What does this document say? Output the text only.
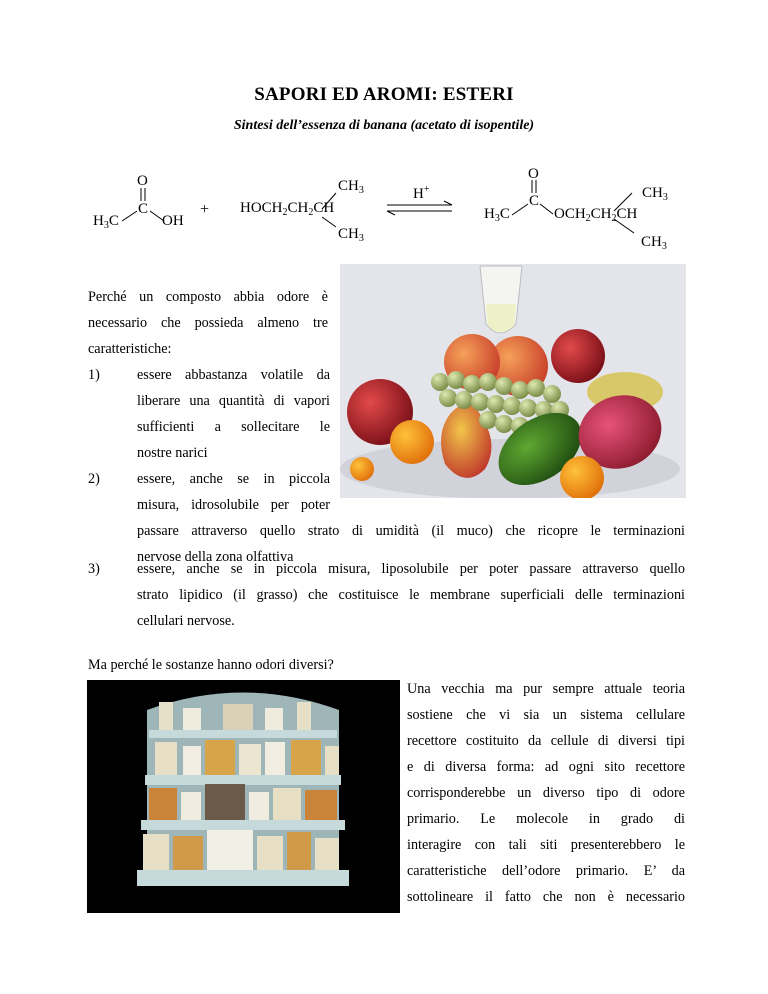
SAPORI ED AROMI: ESTERI
Sintesi dell’essenza di banana (acetato di isopentile)
O
C
$H_3C$	OH
+ $HOCH_2CH_2CH$
$CH_3$
$CH_3$
H+
O
C
$H_3C$	$OCH_2CH_2CH$
$CH_3$
$CH_3$
Perché un composto abbia odore è
necessario che possieda almeno tre
caratteristiche:
1)	essere abbastanza volatile da
liberare una quantità di vapori
sufficienti a sollecitare le
nostre narici
2)	essere, anche se in piccola
misura, idrosolubile per poter
passare attraverso quello strato di umidità (il muco) che ricopre le terminazioni
nervose della zona olfattiva
3)	essere, anche se in piccola misura, liposolubile per poter passare attraverso quello
strato lipidico (il grasso) che costituisce le membrane superficiali delle terminazioni
cellulari nervose.
Ma perché le sostanze hanno odori diversi?
Una vecchia ma pur sempre attuale teoria
sostiene che vi sia un sistema cellulare
recettore costituito da cellule di diversi tipi
e di diversa forma: ad ogni sito recettore
corrisponderebbe un diverso tipo di odore
primario. Le molecole in grado di
interagire con tali siti presenterebbero le
caratteristiche dell’odore primario. E’ da
sottolineare il fatto che non è necessario
